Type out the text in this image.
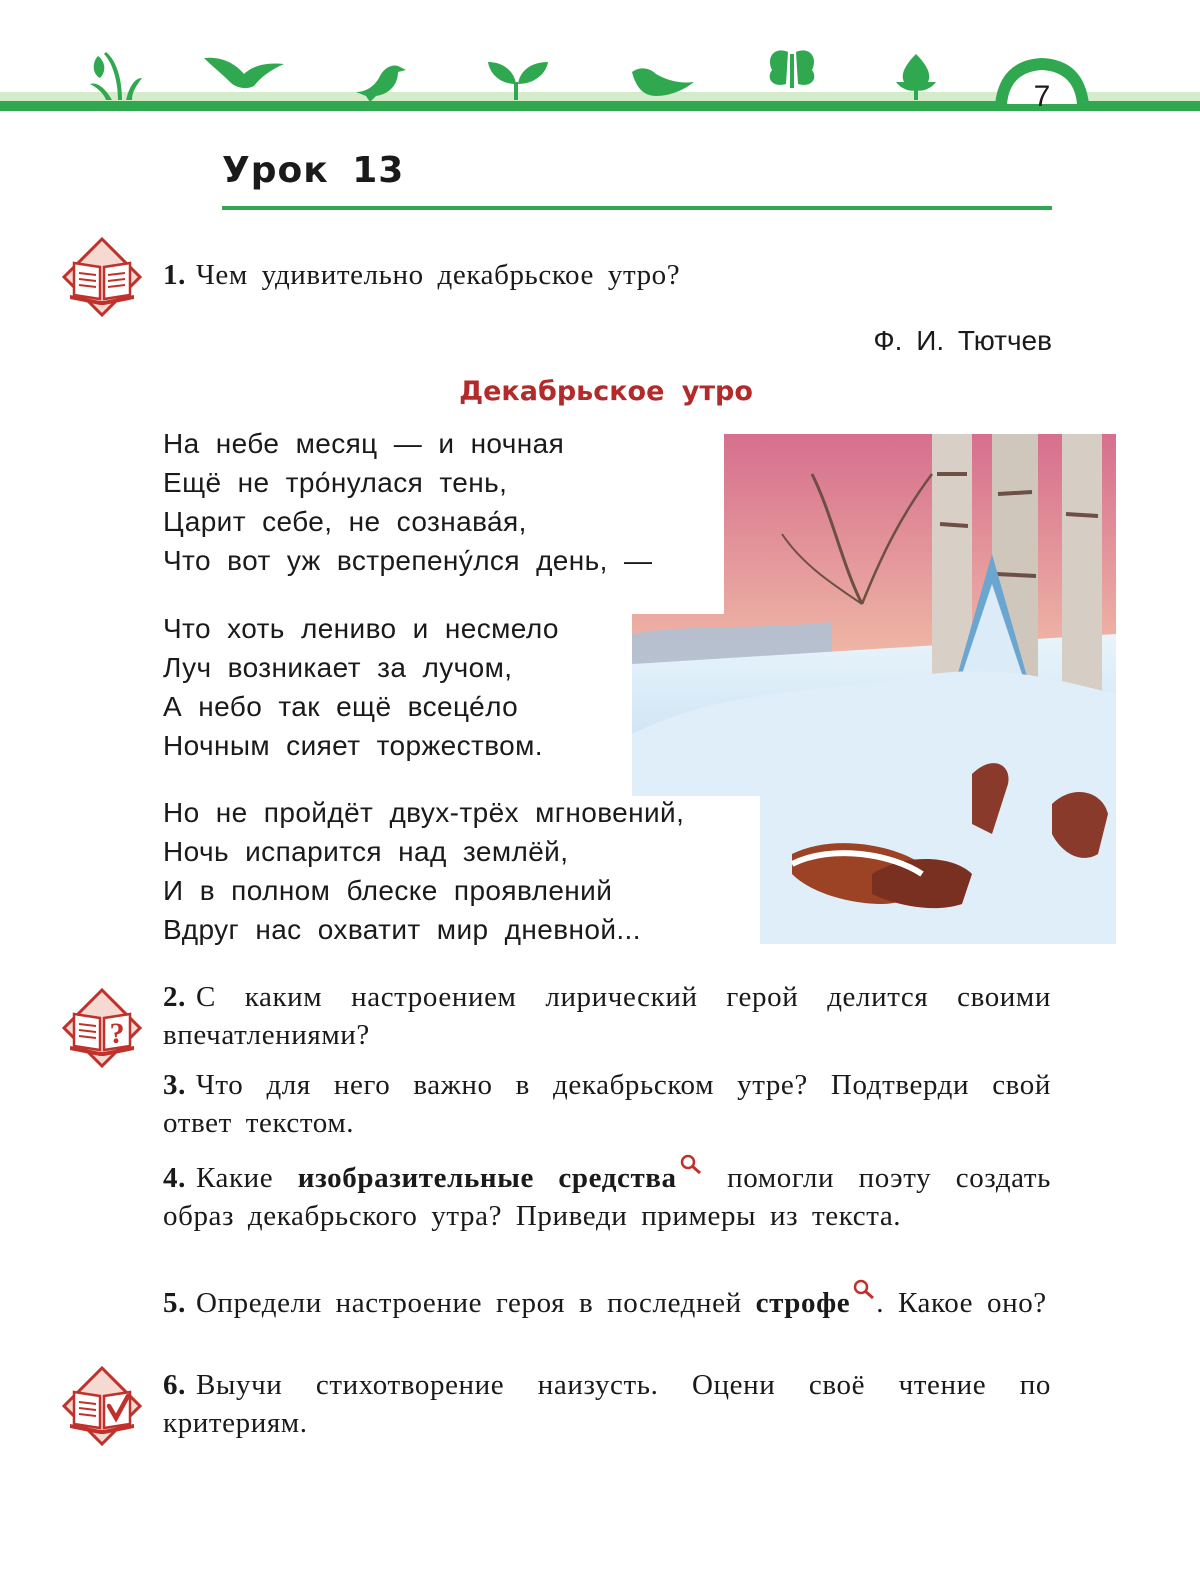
7
Урок 13
1. Чем удивительно декабрьское утро?
Ф. И. Тютчев
Декабрьское утро
На небе месяц — и ночная
Ещё не тро́нулася тень,
Царит себе, не сознава́я,
Что вот уж встрепену́лся день, —
Что хоть лениво и несмело
Луч возникает за лучом,
А небо так ещё всеце́ло
Ночным сияет торжеством.
Но не пройдёт двух-трёх мгновений,
Ночь испарится над землёй,
И в полном блеске проявлений
Вдруг нас охватит мир дневной...
?
2. С каким настроением лирический герой делится своими впечатлениями?
3. Что для него важно в декабрьском утре? Подтверди свой ответ текстом.
4. Какие изобразительные средства помогли поэту создать образ декабрьского утра? Приведи примеры из текста.
5. Определи настроение героя в последней строфе . Какое оно?
6. Выучи стихотворение наизусть. Оцени своё чтение по критериям.
